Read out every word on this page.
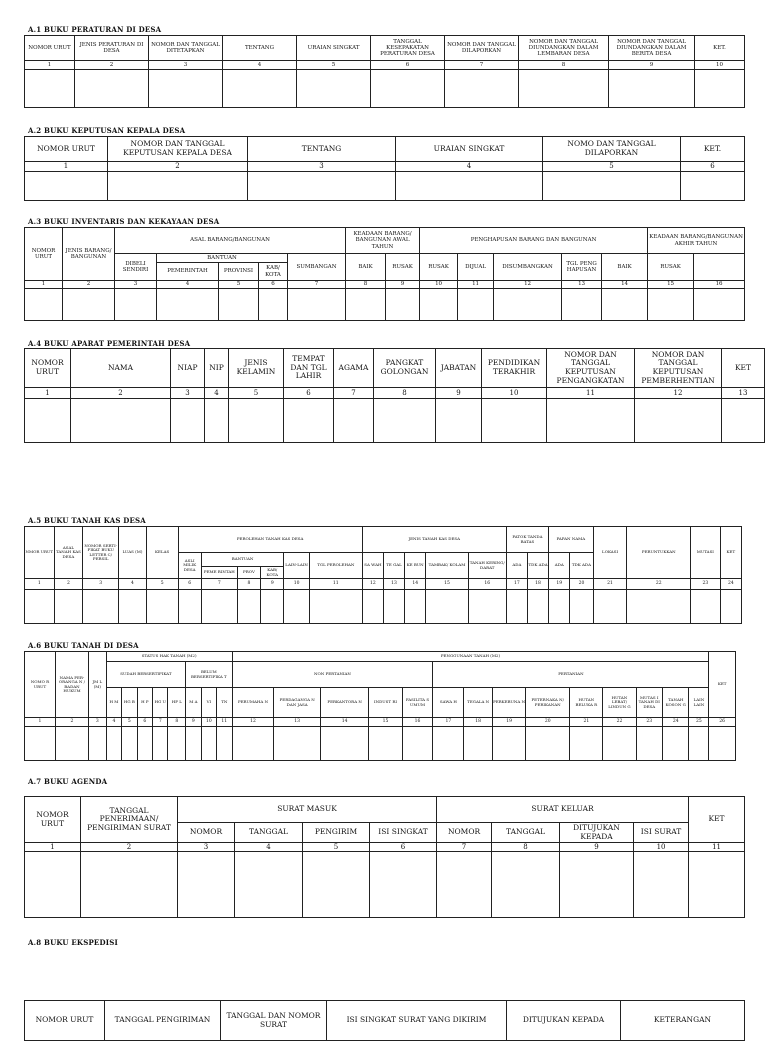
A.1 BUKU PERATURAN DI DESA
NOMOR URUT	JENIS PERATURAN DI DESA	NOMOR DAN TANGGAL DITETAPKAN	TENTANG	URAIAN SINGKAT	TANGGAL KESEPAKATAN PERATURAN DESA	NOMOR DAN TANGGAL DILAPORKAN	NOMOR DAN TANGGAL DIUNDANGKAN DALAM LEMBARAN DESA	NOMOR DAN TANGGAL DIUNDANGKAN DALAM BERITA DESA	KET.
1	2	3	4	5	6	7	8	9	10

A.2 BUKU KEPUTUSAN KEPALA DESA
NOMOR URUT	NOMOR DAN TANGGAL KEPUTUSAN KEPALA DESA	TENTANG	URAIAN SINGKAT	NOMO DAN TANGGAL DILAPORKAN	KET.
1	2	3	4	5	6

A.3 BUKU INVENTARIS DAN KEKAYAAN DESA
NOMOR URUT	JENIS BARANG/ BANGUNAN	ASAL BARANG/BANGUNAN					KEADAAN BARANG/ BANGUNAN AWAL TAHUN		PENGHAPUSAN BARANG DAN BANGUNAN					KEADAAN BARANG/BANGUNAN AKHIR TAHUN	
		DIBELI SENDIRI	BANTUAN			SUMBANGAN	BAIK	RUSAK	RUSAK	DIJUAL	DISUMBANGKAN	TGL PENG HAPUSAN	BAIK	RUSAK		
			PEMERINTAH	PROVINSI	KAB/ KOTA											
1	2	3	4	5	6	7	8	9	10	11	12	13	14	15	16	

A.4 BUKU APARAT PEMERINTAH DESA
NOMOR URUT	NAMA	NIAP	NIP	JENIS KELAMIN	TEMPAT DAN TGL LAHIR	AGAMA	PANGKAT GOLONGAN	JABATAN	PENDIDIKAN TERAKHIR	NOMOR DAN TANGGAL KEPUTUSAN PENGANGKATAN	NOMOR DAN TANGGAL KEPUTUSAN PEMBERHENTIAN	KET
1	2	3	4	5	6	7	8	9	10	11	12	13

A.5 BUKU TANAH KAS DESA
NMOR URUT	ASAL TANAH KAS DESA	NOMOR SERTI-FIKAT BUKU LETTER C/ PERSIL	LUAS (M)	KELAS	PEROLEHAN TANAH KAS DESA						JENIS TANAH KAS DESA					PATOK TANDA BATAS		PAPAN NAMA		LOKASI	PERUNTUKKAN	MUTASI	KET
					ASLI MILIK DESA	BANTUAN			LAIN-LAIN	TGL PEROLEHAN	SA WAH	TE GAL	KE BUN	TAMBAK/ KOLAM	TANAH KERING/ DARAT	ADA	TDK ADA	ADA	TDK ADA				
						PEME RINTAH	PROV	KAB/ KOTA															
1	2	3	4	5	6	7	8	9	10	11	12	13	14	15	16	17	18	19	20	21	22	23	24

A.6 BUKU TANAH DI DESA
NOMO R URUT	NAMA PER-ORANGA N / BADAN HUKUM	JM L (M)	STATUS HAK TANAH (M2)								PENGGUNAAN TANAH (M2)														KET
			SUDAH BERSERTIFIKAT					BELUM BERSERTIFIKA T			NON PERTANIAN					PERTANIAN									
			H M	HG B	H P	HG U	HP L	M A	VI	TN	PERUMAHA N	PERDAGANGA N DAN JASA	PERKANTORA N	INDUST RI	FASILITA S UMUM	SAWA H	TEGALA N	PERKEBUNA N	PETERNAKA N/ PERIKANAN	HUTAN BELUKA R	HUTAN LEBAT/ LINDUN G	MUTAS I TANAH DI DESA	TANAH KOSON G	LAIN LAIN	

1	2	3	4	5	6	7	8	9	10	11	12	13	14	15	16	17	18	19	20	21	22	23	24	25	26

A.7 BUKU AGENDA
NOMOR URUT	TANGGAL PENERIMAAN/ PENGIRIMAN SURAT	SURAT MASUK				SURAT KELUAR				KET
		NOMOR	TANGGAL	PENGIRIM	ISI SINGKAT	NOMOR	TANGGAL	DITUJUKAN KEPADA	ISI SURAT	
1	2	3	4	5	6	7	8	9	10	11

A.8 BUKU EKSPEDISI
NOMOR URUT	TANGGAL PENGIRIMAN	TANGGAL DAN NOMOR SURAT	ISI SINGKAT SURAT YANG DIKIRIM	DITUJUKAN KEPADA	KETERANGAN
